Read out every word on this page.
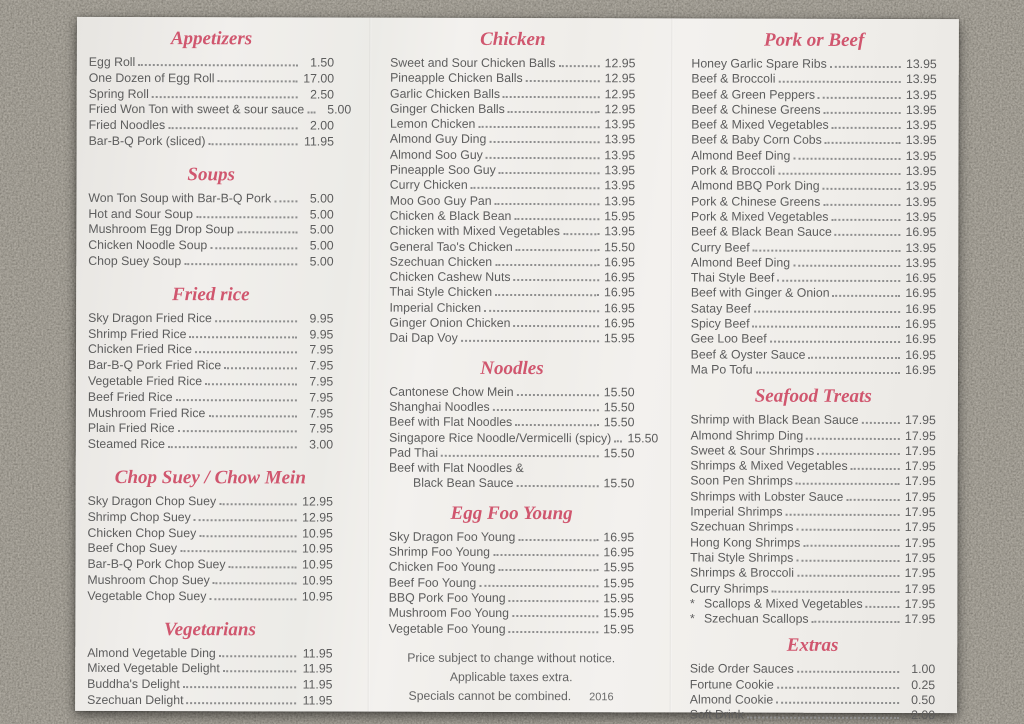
Appetizers
Egg Roll	1.50
One Dozen of Egg Roll	17.00
Spring Roll	2.50
Fried Won Ton with sweet & sour sauce	5.00
Fried Noodles	2.00
Bar-B-Q Pork (sliced)	11.95
Soups
Won Ton Soup with Bar-B-Q Pork	5.00
Hot and Sour Soup	5.00
Mushroom Egg Drop Soup	5.00
Chicken Noodle Soup	5.00
Chop Suey Soup	5.00
Fried rice
Sky Dragon Fried Rice	9.95
Shrimp Fried Rice	9.95
Chicken Fried Rice	7.95
Bar-B-Q Pork Fried Rice	7.95
Vegetable Fried Rice	7.95
Beef Fried Rice	7.95
Mushroom Fried Rice	7.95
Plain Fried Rice	7.95
Steamed Rice	3.00
Chop Suey / Chow Mein
Sky Dragon Chop Suey	12.95
Shrimp Chop Suey	12.95
Chicken Chop Suey	10.95
Beef Chop Suey	10.95
Bar-B-Q Pork Chop Suey	10.95
Mushroom Chop Suey	10.95
Vegetable Chop Suey	10.95
Vegetarians
Almond Vegetable Ding	11.95
Mixed Vegetable Delight	11.95
Buddha's Delight	11.95
Szechuan Delight	11.95
Chicken
Sweet and Sour Chicken Balls	12.95
Pineapple Chicken Balls	12.95
Garlic Chicken Balls	12.95
Ginger Chicken Balls	12.95
Lemon Chicken	13.95
Almond Guy Ding	13.95
Almond Soo Guy	13.95
Pineapple Soo Guy	13.95
Curry Chicken	13.95
Moo Goo Guy Pan	13.95
Chicken & Black Bean	15.95
Chicken with Mixed Vegetables	13.95
General Tao's Chicken	15.50
Szechuan Chicken	16.95
Chicken Cashew Nuts	16.95
Thai Style Chicken	16.95
Imperial Chicken	16.95
Ginger Onion Chicken	16.95
Dai Dap Voy	15.95
Noodles
Cantonese Chow Mein	15.50
Shanghai Noodles	15.50
Beef with Flat Noodles	15.50
Singapore Rice Noodle/Vermicelli (spicy) 15.50
Pad Thai	15.50
Beef with Flat Noodles &
Black Bean Sauce	15.50
Egg Foo Young
Sky Dragon Foo Young	16.95
Shrimp Foo Young	16.95
Chicken Foo Young	15.95
Beef Foo Young	15.95
BBQ Pork Foo Young	15.95
Mushroom Foo Young	15.95
Vegetable Foo Young	15.95
Price subject to change without notice.
Applicable taxes extra.
Specials cannot be combined. 2016
Pork or Beef
Honey Garlic Spare Ribs	13.95
Beef & Broccoli	13.95
Beef & Green Peppers	13.95
Beef & Chinese Greens	13.95
Beef & Mixed Vegetables	13.95
Beef & Baby Corn Cobs	13.95
Almond Beef Ding	13.95
Pork & Broccoli	13.95
Almond BBQ Pork Ding	13.95
Pork & Chinese Greens	13.95
Pork & Mixed Vegetables	13.95
Beef & Black Bean Sauce	16.95
Curry Beef	13.95
Almond Beef Ding	13.95
Thai Style Beef	16.95
Beef with Ginger & Onion	16.95
Satay Beef	16.95
Spicy Beef	16.95
Gee Loo Beef	16.95
Beef & Oyster Sauce	16.95
Ma Po Tofu	16.95
Seafood Treats
Shrimp with Black Bean Sauce	17.95
Almond Shrimp Ding	17.95
Sweet & Sour Shrimps	17.95
Shrimps & Mixed Vegetables	17.95
Soon Pen Shrimps	17.95
Shrimps with Lobster Sauce	17.95
Imperial Shrimps	17.95
Szechuan Shrimps	17.95
Hong Kong Shrimps	17.95
Thai Style Shrimps	17.95
Shrimps & Broccoli	17.95
Curry Shrimps	17.95
* Scallops & Mixed Vegetables	17.95
* Szechuan Scallops	17.95
Extras
Side Order Sauces	1.00
Fortune Cookie	0.25
Almond Cookie	0.50
Soft Drink	2.00
